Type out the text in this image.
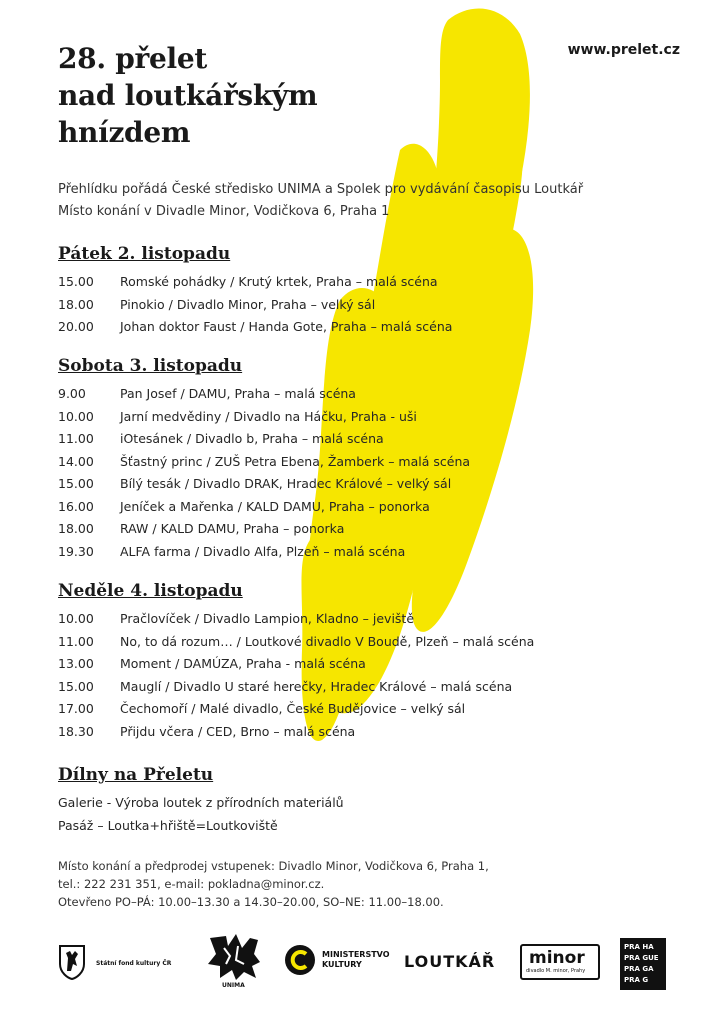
28. přelet
nad loutkářským
hnízdem
www.prelet.cz
Přehlídku pořádá České středisko UNIMA a Spolek pro vydávání časopisu Loutkář
Místo konání v Divadle Minor, Vodičkova 6, Praha 1
Pátek 2. listopadu
15.00	Romské pohádky / Krutý krtek, Praha – malá scéna
18.00	Pinokio / Divadlo Minor, Praha – velký sál
20.00	Johan doktor Faust / Handa Gote, Praha – malá scéna
Sobota 3. listopadu
9.00	Pan Josef / DAMU, Praha – malá scéna
10.00	Jarní medvědiny / Divadlo na Háčku, Praha - uši
11.00	iOtesánek / Divadlo b, Praha – malá scéna
14.00	Šťastný princ / ZUŠ Petra Ebena, Žamberk – malá scéna
15.00	Bílý tesák / Divadlo DRAK, Hradec Králové – velký sál
16.00	Jeníček a Mařenka / KALD DAMU, Praha – ponorka
18.00	RAW / KALD DAMU, Praha – ponorka
19.30	ALFA farma / Divadlo Alfa, Plzeň – malá scéna
Neděle 4. listopadu
10.00	Pračlovíček / Divadlo Lampion, Kladno – jeviště
11.00	No, to dá rozum… / Loutkové divadlo V Boudě, Plzeň – malá scéna
13.00	Moment / DAMÚZA, Praha - malá scéna
15.00	Mauglí / Divadlo U staré herečky, Hradec Králové – malá scéna
17.00	Čechomoří / Malé divadlo, České Budějovice – velký sál
18.30	Přijdu včera / CED, Brno – malá scéna
Dílny na Přeletu
Galerie - Výroba loutek z přírodních materiálů
Pasáž – Loutka+hřiště=Loutkoviště
Místo konání a předprodej vstupenek: Divadlo Minor, Vodičkova 6, Praha 1,
tel.: 222 231 351, e-mail: pokladna@minor.cz.
Otevřeno PO–PÁ: 10.00–13.30 a 14.30–20.00, SO–NE: 11.00–18.00.
Státní fond kultury ČR
UNIMA
MINISTERSTVO
KULTURY	LOUTKÁŘ	minor
divadlo M. minor, Prahy
PRA HA
PRA GUE
PRA GA
PRA G
